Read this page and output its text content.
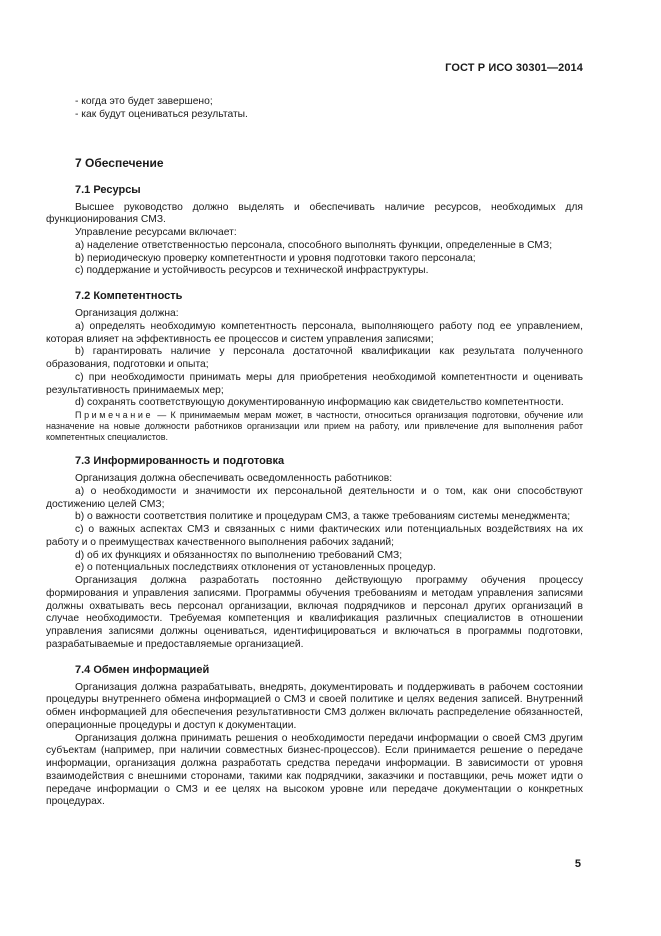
ГОСТ Р ИСО 30301—2014

- когда это будет завершено;

- как будут оцениваться результаты.

7 Обеспечение
7.1 Ресурсы

Высшее руководство должно выделять и обеспечивать наличие ресурсов, необходимых для функционирования СМЗ.

Управление ресурсами включает:

a) наделение ответственностью персонала, способного выполнять функции, определенные в СМЗ;

b) периодическую проверку компетентности и уровня подготовки такого персонала;

c) поддержание и устойчивость ресурсов и технической инфраструктуры.

7.2 Компетентность

Организация должна:

a) определять необходимую компетентность персонала, выполняющего работу под ее управлением, которая влияет на эффективность ее процессов и систем управления записями;

b) гарантировать наличие у персонала достаточной квалификации как результата полученного образования, подготовки и опыта;

c) при необходимости принимать меры для приобретения необходимой компетентности и оценивать результативность принимаемых мер;

d) сохранять соответствующую документированную информацию как свидетельство компетентности.

Примечание — К принимаемым мерам может, в частности, относиться организация подготовки, обучение или назначение на новые должности работников организации или прием на работу, или привлечение для выполнения работ компетентных специалистов.

7.3 Информированность и подготовка

Организация должна обеспечивать осведомленность работников:

a) о необходимости и значимости их персональной деятельности и о том, как они способствуют достижению целей СМЗ;

b) о важности соответствия политике и процедурам СМЗ, а также требованиям системы менеджмента;

c) о важных аспектах СМЗ и связанных с ними фактических или потенциальных воздействиях на их работу и о преимуществах качественного выполнения рабочих заданий;

d) об их функциях и обязанностях по выполнению требований СМЗ;

e) о потенциальных последствиях отклонения от установленных процедур.

Организация должна разработать постоянно действующую программу обучения процессу формирования и управления записями. Программы обучения требованиям и методам управления записями должны охватывать весь персонал организации, включая подрядчиков и персонал других организаций в случае необходимости. Требуемая компетенция и квалификация различных специалистов в отношении управления записями должны оцениваться, идентифицироваться и включаться в программы подготовки, разрабатываемые и предоставляемые организацией.

7.4 Обмен информацией

Организация должна разрабатывать, внедрять, документировать и поддерживать в рабочем состоянии процедуры внутреннего обмена информацией о СМЗ и своей политике и целях ведения записей. Внутренний обмен информацией для обеспечения результативности СМЗ должен включать распределение обязанностей, операционные процедуры и доступ к документации.

Организация должна принимать решения о необходимости передачи информации о своей СМЗ другим субъектам (например, при наличии совместных бизнес-процессов). Если принимается решение о передаче информации, организация должна разработать средства передачи информации. В зависимости от уровня взаимодействия с внешними сторонами, такими как подрядчики, заказчики и поставщики, речь может идти о передаче информации о СМЗ и ее целях на высоком уровне или передаче документации о конкретных процедурах.

5
